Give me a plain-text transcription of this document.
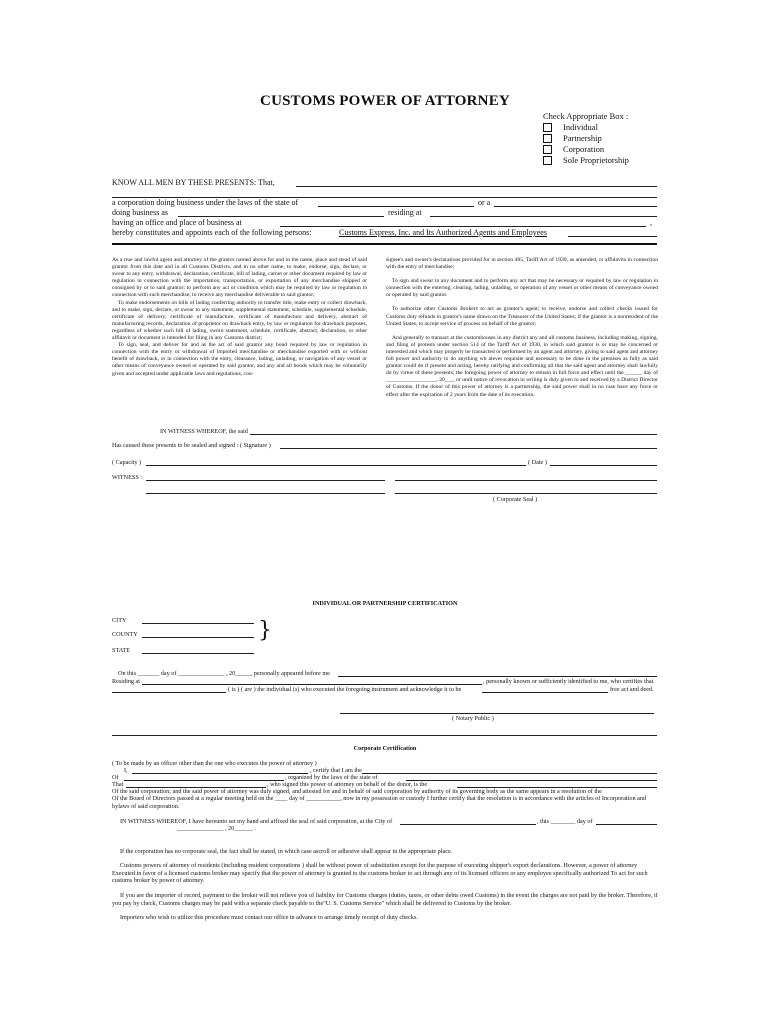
CUSTOMS POWER OF ATTORNEY
Check Appropriate Box :
Individual
Partnership
Corporation
Sole Proprietorship
KNOW ALL MEN BY THESE PRESENTS: That,
a corporation doing business under the laws of the state of	or a
doing business as	residing at
having an office and place of business at	,
hereby constitutes and appoints each of the following persons:	Customs Express, Inc. and Its Authorized Agents and Employees
As a true and lawful agent and attorney of the grantor named above for and in the name, place and stead of said grantor from this date and in all Customs Districts, and in no other name, to make, endorse, sign, declare, or swear to any entry, withdrawal, declaration, certificate, bill of lading, carnet or other document required by law or regulation in connection with the importation, transportation, or exportation of any merchandise shipped or consigned by or to said grantor; to perform any act or condition which may be required by law or regulation in connection with such merchandise; to receive any merchandise deliverable to said grantor;
To make endorsements on bills of lading conferring authority to transfer title, make entry or collect drawback, and to make, sign, declare, or swear to any statement, supplemental statement, schedule, supplemental schedule, certificate of delivery, certificate of manufacture, certificate of manufacture and delivery, abstract of manufacturing records, declaration of proprietor on drawback entry, by law or regulation for drawback purposes, regardless of whether such bill of lading, sworn statement, schedule, certificate, abstract, declaration, or other affidavit or document is intended for filing in any Customs district;
To sign, seal, and deliver for and as the act of said grantor any bond required by law or regulation in connection with the entry or withdrawal of imported merchandise or merchandise exported with or without benefit of drawback, or in connection with the entry, clearance, lading, unlading, or navigation of any vessel or other means of conveyance owned or operated by said grantor, and any and all bonds which may be voluntarily given and accepted under applicable laws and regulations, con-
signee's and owner's declarations provided for in section 485, Tariff Act of 1930, as amended, or affidavits in connection with the entry of merchandise;
To sign and swear to any document and to perform any act that may be necessary or required by law or regulation in connection with the entering, clearing, lading, unlading, or operation of any vessel or other means of conveyance owned or operated by said grantor.
To authorize other Customs Brokers to act as grantor's agent; to receive, endorse and collect checks issued for Customs duty refunds in grantor's name drawn on the Treasurer of the United States; if the grantor is a nonresident of the United States, to accept service of process on behalf of the grantor;
And generally to transact at the customhouses in any district any and all customs business, including making, signing, and filing of protests under section 514 of the Tariff Act of 1930, in which said grantor is or may be concerned or interested and which may properly be transacted or performed by an agent and attorney, giving to said agent and attorney full power and authority to do anything wh atever requisite and necessary to be done in the premises as fully as said grantor could do if present and acting, hereby ratifying and confirming all that the said agent and attorney shall lawfully do by virtue of these presents; the foregoing power of attorney to remain in full force and effect until the ______ day of __________________, 20___, or until notice of revocation in writing is duly given to and received by a District Director of Customs. If the donor of this power of attorney is a partnership, the said power shall in no case have any force or effect after the expiration of 2 years from the date of its execution.
IN WITNESS WHEREOF, the said
Has caused these presents to be sealed and signed : ( Signature )
( Capacity )	( Date )
WITNESS :
( Corporate Seal )
INDIVIDUAL OR PARTNERSHIP CERTIFICATION
CITY
COUNTY	}
STATE
On this _______ day of _______________ , 20_____, personally appeared before me
Residing at	, personally known or sufficiently identified to me, who certifies that
( is ) ( are ) the individual (s) who executed the foregoing instrument and acknowledge it to be	free act and deed.
( Notary Public )
Corporate Certification
( To be made by an officer other than the one who executes the power of attorney )
I,	, certify that I am the
Of	, organized by the laws of the state of
That	, who signed this power of attorney on behalf of the donor, is the
Of the said corporation; and the said power of attorney was duly signed, and attested for and in behalf of said corporation by authority of its governing body as the same appears in a resolution of the
Of the Board of Directors passed at a regular meeting held on the ____ day of ___________, now in my possession or custody I further certify that the resolution is in accordance with the articles of Incorporation and bylaws of said corporation.
IN WITNESS WHEREOF, I have hereunto set my hand and affixed the seal of said corporation, at the City of	, this ________ day of
_______________ , 20______ .
If the corporation has no corporate seal, the fact shall be stated, in which case ascroll or adhesive shall appear in the appropriate place.
Customs powers of attorney of residents (including resident corporations ) shall be without power of substitution except for the purpose of executing shipper's export declarations. However, a power of attorney Executed in favor of a licensed customs broker may specify that the power of attorney is granted to the customs broker to act through any of its licensed officers or any employee specifically authorized To act for such customs broker by power of attorney.
If you are the importer of record, payment to the broker will not relieve you of liability for Customs charges (duties, taxes, or other debts owed Customs) in the event the charges are not paid by the broker. Therefore, if you pay by check, Customs charges may be paid with a separate check payable to the"U. S. Customs Service" which shall be delivered to Customs by the broker.
Importers who wish to utilize this procedure must contact our office in advance to arrange timely receipt of duty checks.
